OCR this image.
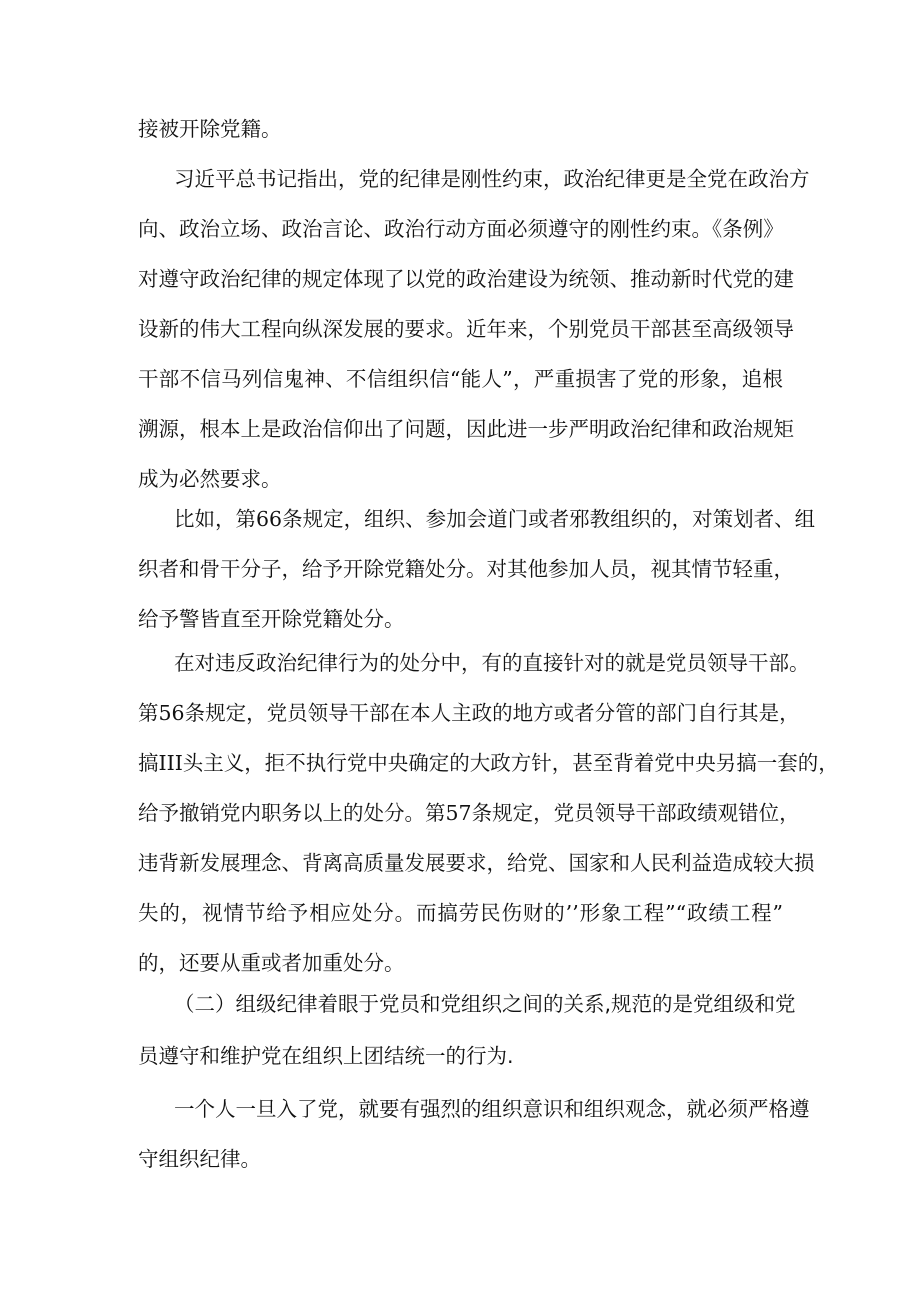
接被开除党籍。
习近平总书记指出，党的纪律是刚性约束，政治纪律更是全党在政治方
向、政治立场、政治言论、政治行动方面必须遵守的刚性约束。《条例》
对遵守政治纪律的规定体现了以党的政治建设为统领、推动新时代党的建
设新的伟大工程向纵深发展的要求。近年来，个别党员干部甚至高级领导
干部不信马列信鬼神、不信组织信“能人”，严重损害了党的形象，追根
溯源，根本上是政治信仰出了问题，因此进一步严明政治纪律和政治规矩
成为必然要求。
比如，第66条规定，组织、参加会道门或者邪教组织的，对策划者、组
织者和骨干分子，给予开除党籍处分。对其他参加人员，视其情节轻重，
给予警皆直至开除党籍处分。
在对违反政治纪律行为的处分中，有的直接针对的就是党员领导干部。
第56条规定，党员领导干部在本人主政的地方或者分管的部门自行其是，
搞III头主义，拒不执行党中央确定的大政方针，甚至背着党中央另搞一套的，
给予撤销党内职务以上的处分。第57条规定，党员领导干部政绩观错位，
违背新发展理念、背离高质量发展要求，给党、国家和人民利益造成较大损
失的，视情节给予相应处分。而搞劳民伤财的’’形象工程”“政绩工程”
的，还要从重或者加重处分。
（二）组级纪律着眼于党员和党组织之间的关系,规范的是党组级和党
员遵守和维护党在组织上团结统一的行为.
一个人一旦入了党，就要有强烈的组织意识和组织观念，就必须严格遵
守组织纪律。
